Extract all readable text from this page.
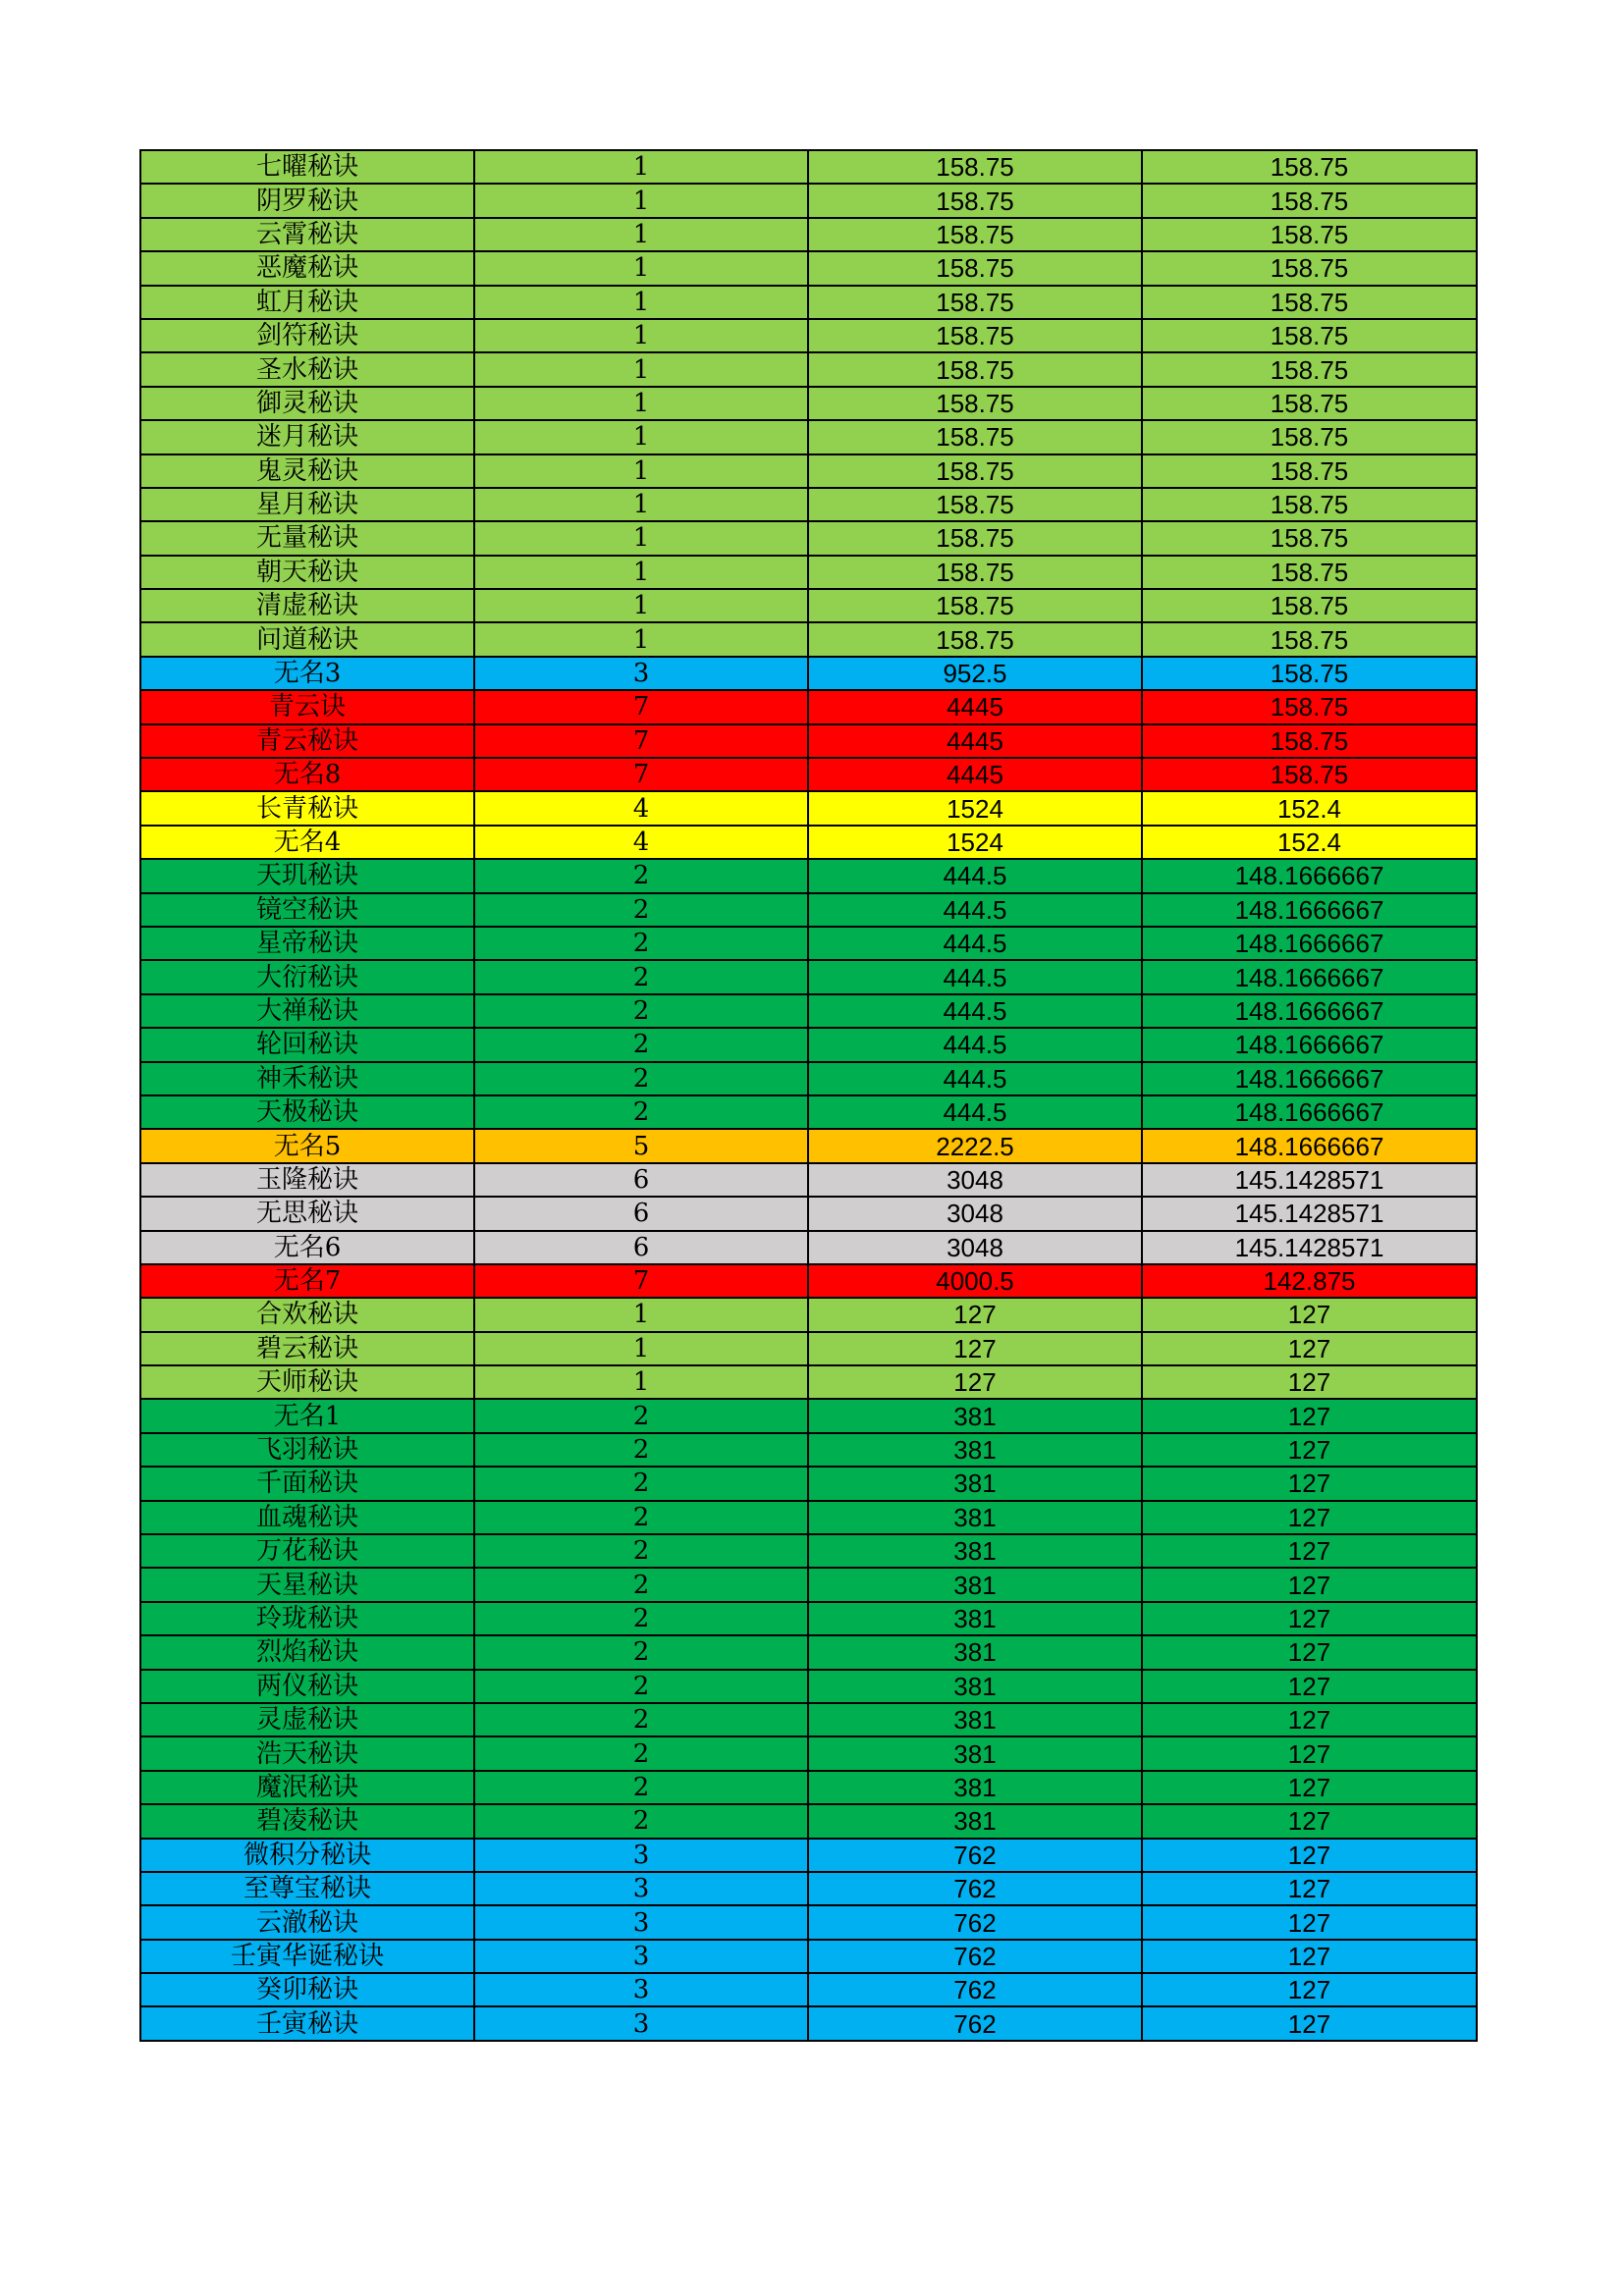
七曜秘诀	1	158.75	158.75
阴罗秘诀	1	158.75	158.75
云霄秘诀	1	158.75	158.75
恶魔秘诀	1	158.75	158.75
虹月秘诀	1	158.75	158.75
剑符秘诀	1	158.75	158.75
圣水秘诀	1	158.75	158.75
御灵秘诀	1	158.75	158.75
迷月秘诀	1	158.75	158.75
鬼灵秘诀	1	158.75	158.75
星月秘诀	1	158.75	158.75
无量秘诀	1	158.75	158.75
朝天秘诀	1	158.75	158.75
清虚秘诀	1	158.75	158.75
问道秘诀	1	158.75	158.75
无名3	3	952.5	158.75
青云诀	7	4445	158.75
青云秘诀	7	4445	158.75
无名8	7	4445	158.75
长青秘诀	4	1524	152.4
无名4	4	1524	152.4
天玑秘诀	2	444.5	148.1666667
镜空秘诀	2	444.5	148.1666667
星帝秘诀	2	444.5	148.1666667
大衍秘诀	2	444.5	148.1666667
大禅秘诀	2	444.5	148.1666667
轮回秘诀	2	444.5	148.1666667
神禾秘诀	2	444.5	148.1666667
天极秘诀	2	444.5	148.1666667
无名5	5	2222.5	148.1666667
玉隆秘诀	6	3048	145.1428571
无思秘诀	6	3048	145.1428571
无名6	6	3048	145.1428571
无名7	7	4000.5	142.875
合欢秘诀	1	127	127
碧云秘诀	1	127	127
天师秘诀	1	127	127
无名1	2	381	127
飞羽秘诀	2	381	127
千面秘诀	2	381	127
血魂秘诀	2	381	127
万花秘诀	2	381	127
天星秘诀	2	381	127
玲珑秘诀	2	381	127
烈焰秘诀	2	381	127
两仪秘诀	2	381	127
灵虚秘诀	2	381	127
浩天秘诀	2	381	127
魔泯秘诀	2	381	127
碧凌秘诀	2	381	127
微积分秘诀	3	762	127
至尊宝秘诀	3	762	127
云澈秘诀	3	762	127
壬寅华诞秘诀	3	762	127
癸卯秘诀	3	762	127
壬寅秘诀	3	762	127
